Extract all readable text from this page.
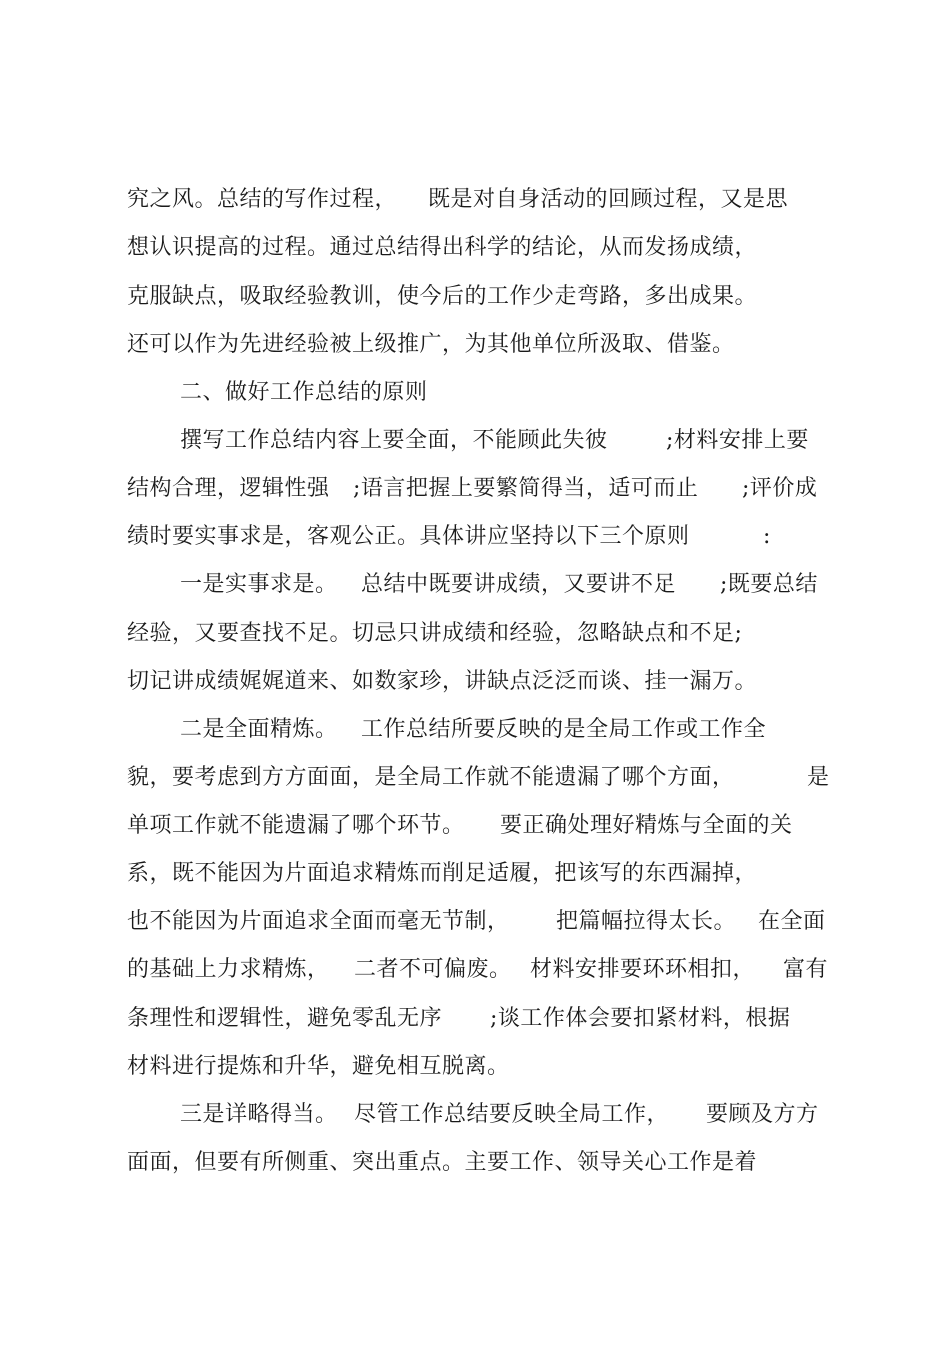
究之风。总结的写作过程，

既是对自身活动的回顾过程，又是思

想认识提高的过程。通过总结得出科学的结论，从而发扬成绩，

克服缺点，吸取经验教训，使今后的工作少走弯路，多出成果。

还可以作为先进经验被上级推广，为其他单位所汲取、借鉴。

二、做好工作总结的原则

撰写工作总结内容上要全面，不能顾此失彼

	;材料安排上要

结构合理，逻辑性强

;语言把握上要繁简得当，适可而止

;评价成

绩时要实事求是，客观公正。具体讲应坚持以下三个原则

	:

一是实事求是。

总结中既要讲成绩，又要讲不足

;既要总结

经验，又要查找不足。切忌只讲成绩和经验，忽略缺点和不足;

切记讲成绩娓娓道来、如数家珍，讲缺点泛泛而谈、挂一漏万。

二是全面精炼。

工作总结所要反映的是全局工作或工作全

貌，要考虑到方方面面，是全局工作就不能遗漏了哪个方面，

	是

单项工作就不能遗漏了哪个环节。

要正确处理好精炼与全面的关

系，既不能因为片面追求精炼而削足适履，把该写的东西漏掉，

也不能因为片面追求全面而毫无节制，

把篇幅拉得太长。

在全面

的基础上力求精炼，

二者不可偏废。

材料安排要环环相扣，

富有

条理性和逻辑性，避免零乱无序

;谈工作体会要扣紧材料，根据

材料进行提炼和升华，避免相互脱离。

三是详略得当。

尽管工作总结要反映全局工作，

要顾及方方

面面，但要有所侧重、突出重点。主要工作、领导关心工作是着
